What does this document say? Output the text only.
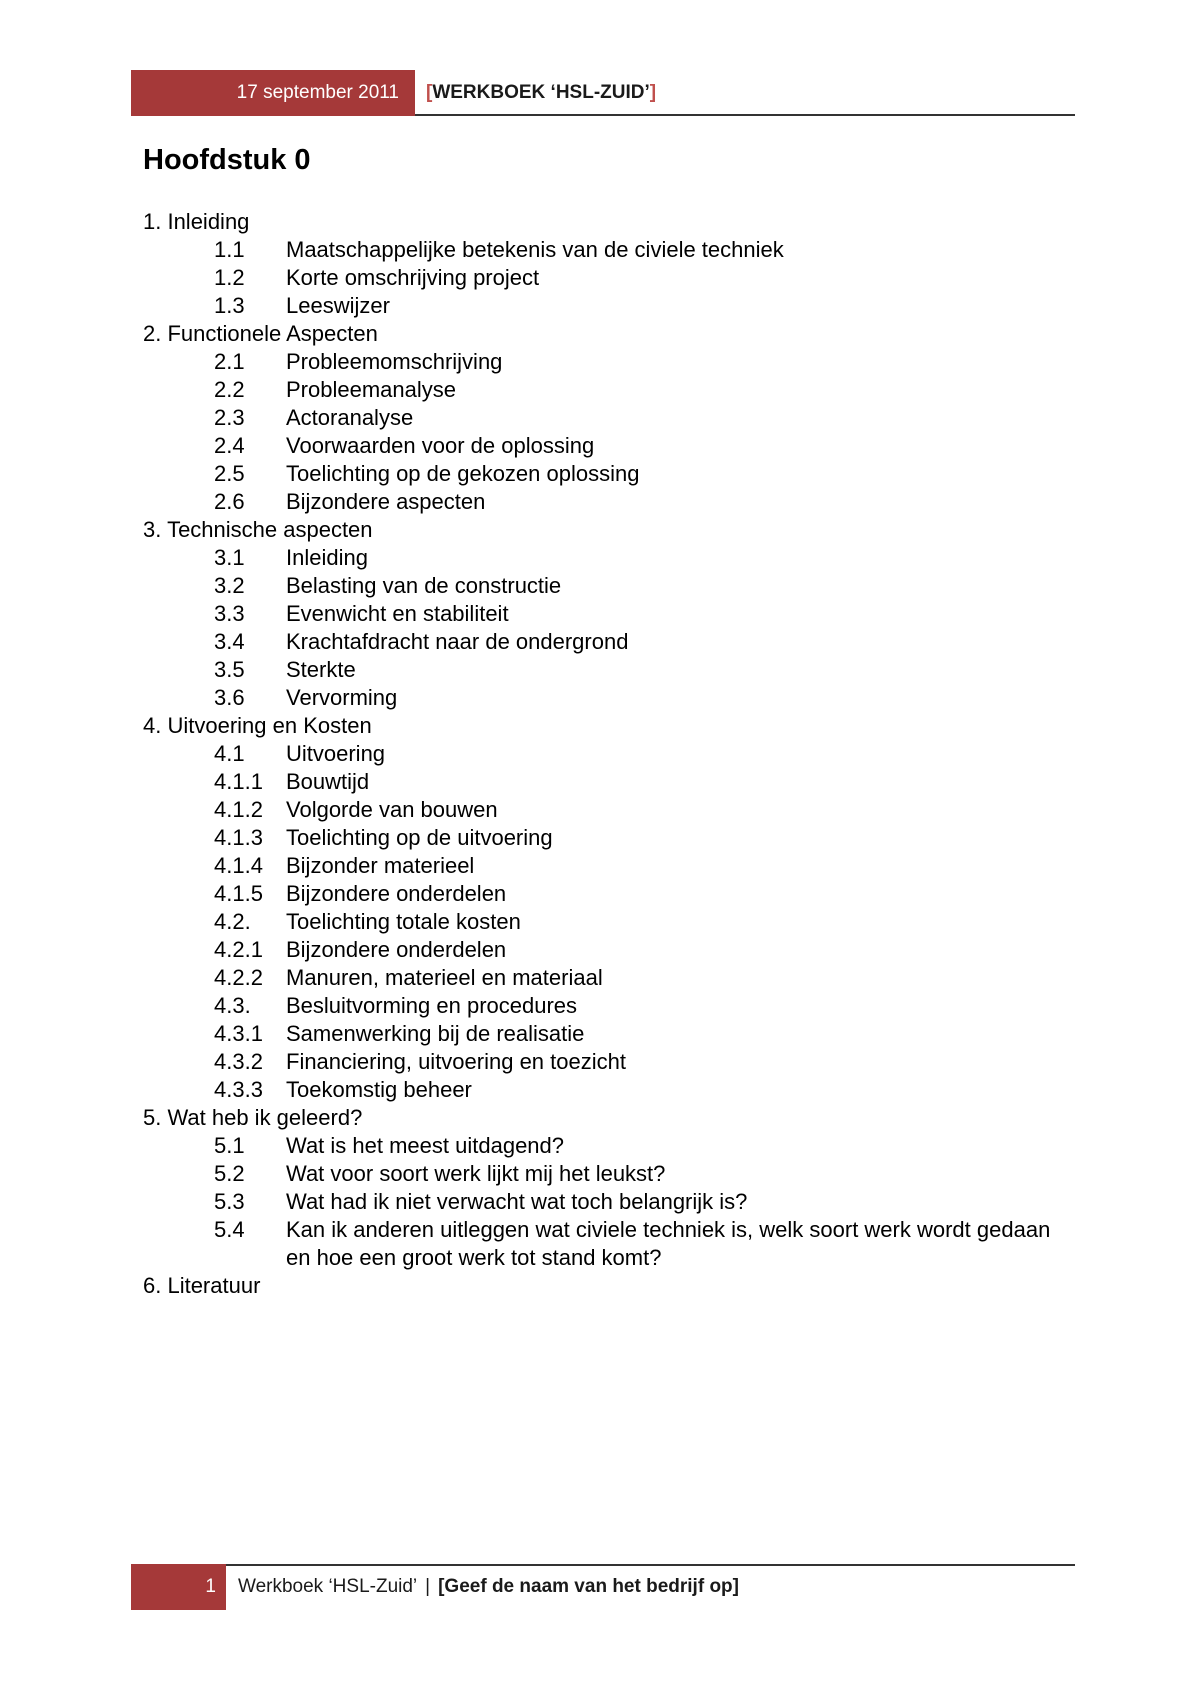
17 september 2011 [ WERKBOEK ‘HSL-ZUID’ ]
Hoofdstuk 0
1. Inleiding
1.1 Maatschappelijke betekenis van de civiele techniek
1.2 Korte omschrijving project
1.3 Leeswijzer
2. Functionele Aspecten
2.1 Probleemomschrijving
2.2 Probleemanalyse
2.3 Actoranalyse
2.4 Voorwaarden voor de oplossing
2.5 Toelichting op de gekozen oplossing
2.6 Bijzondere aspecten
3. Technische aspecten
3.1 Inleiding
3.2 Belasting van de constructie
3.3 Evenwicht en stabiliteit
3.4 Krachtafdracht naar de ondergrond
3.5 Sterkte
3.6 Vervorming
4. Uitvoering en Kosten
4.1 Uitvoering
4.1.1 Bouwtijd
4.1.2 Volgorde van bouwen
4.1.3 Toelichting op de uitvoering
4.1.4 Bijzonder materieel
4.1.5 Bijzondere onderdelen
4.2. Toelichting totale kosten
4.2.1 Bijzondere onderdelen
4.2.2 Manuren, materieel en materiaal
4.3. Besluitvorming en procedures
4.3.1 Samenwerking bij de realisatie
4.3.2 Financiering, uitvoering en toezicht
4.3.3 Toekomstig beheer
5. Wat heb ik geleerd?
5.1 Wat is het meest uitdagend?
5.2 Wat voor soort werk lijkt mij het leukst?
5.3 Wat had ik niet verwacht wat toch belangrijk is?
5.4 Kan ik anderen uitleggen wat civiele techniek is, welk soort werk wordt gedaan en hoe een groot werk tot stand komt?
6. Literatuur
1 Werkboek ‘HSL-Zuid’ | [Geef de naam van het bedrijf op]
